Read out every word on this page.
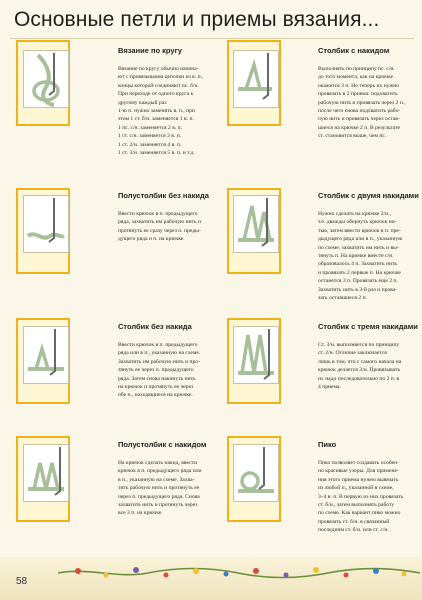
Основные петли и приемы вязания...
Вязание по кругу
Вязание по кругу обычно начина-
ют с провязывания цепочки из в. п.,
концы которой соединяют пс. б/н.
При переходе от одного круга к
другому каждый раз
1-ю п. нужно заменять в. п., при
этом 1 ст. б/н. заменяется 1 в. п.
1 пс. с/н. заменяется 2 в. п.
1 ст. с/н. заменяется 3 в. п.
1 ст. 2/н. заменяется 4 в. п.
1 ст. 3/н. заменяется 5 в. п. и т.д.
Столбик с накидом
Выполнять по принципу пс. с/н.
до того момента, как на крючке
окажется 3 п. Но теперь их нужно
провязать в 2 приема: подхватить
рабочую нить и провязать через 2 п.,
после чего снова подхватить рабо-
чую нить и провязать через остав-
шиеся на крючке 2 п. В результате
ст. становится выше, чем пс.
Полустолбик без накида
Ввести крючок в п. предыдущего
ряда, захватить им рабочую нить и
протянуть ее сразу через п. преды-
дущего ряда и п. на крючке.
Столбик с двумя накидами
Нужно сделать на крючке 2/н.,
т.е. дважды обернуть крючок ни-
тью, затем ввести крючок в п. пре-
дыдущего ряда или в п., указанную
по схеме, захватить им нить и вы-
тянуть п. На крючке вместе с/н.
образовалось 4 п. Захватить нить
и провязать 2 первые п. На крючке
останется 3 п. Провязать еще 2 п.
Захватить нить в 3-й раз и прова-
зать оставшиеся 2 п.
Столбик без накида
Ввести крючок в п. предыдущего
ряда или в п., указанную на схеме.
Захватить им рабочую нить и про-
тянуть ее через п. предыдущего
ряда. Затем снова накинуть нить
на крючок и протянуть ее через
обе п., находящиеся на крючке.
Столбик с тремя накидами
Ст. 3/н. выполняется по принципу
ст. 2/н. Отличие заключается
лишь в том, что с самого начала на
крючок делается 3/н. Провязывать
их надо последовательно по 2 п. в
4 приема.
Полустолбик с накидом
На крючок сделать накид, ввести
крючок в п. предыдущего ряда или
в п., указанную на схеме. Захва-
тить рабочую нить и протянуть ее
через п. предыдущего ряда. Снова
захватить нить и протянуть через
все 3 п. на крючке.
Пико
Пико позволяет создавать особен-
но красивые узоры. Для примене-
ния этого приема нужно вывязать
из любой п., указанной в схеме,
3–4 в. п. В первую из них провязать
ст. б/н., затем выполнять работу
по схеме. Как вариант пико можно
провязать ст. б/н. в связанный
последним ст. б/н. или ст. с/н.
58
